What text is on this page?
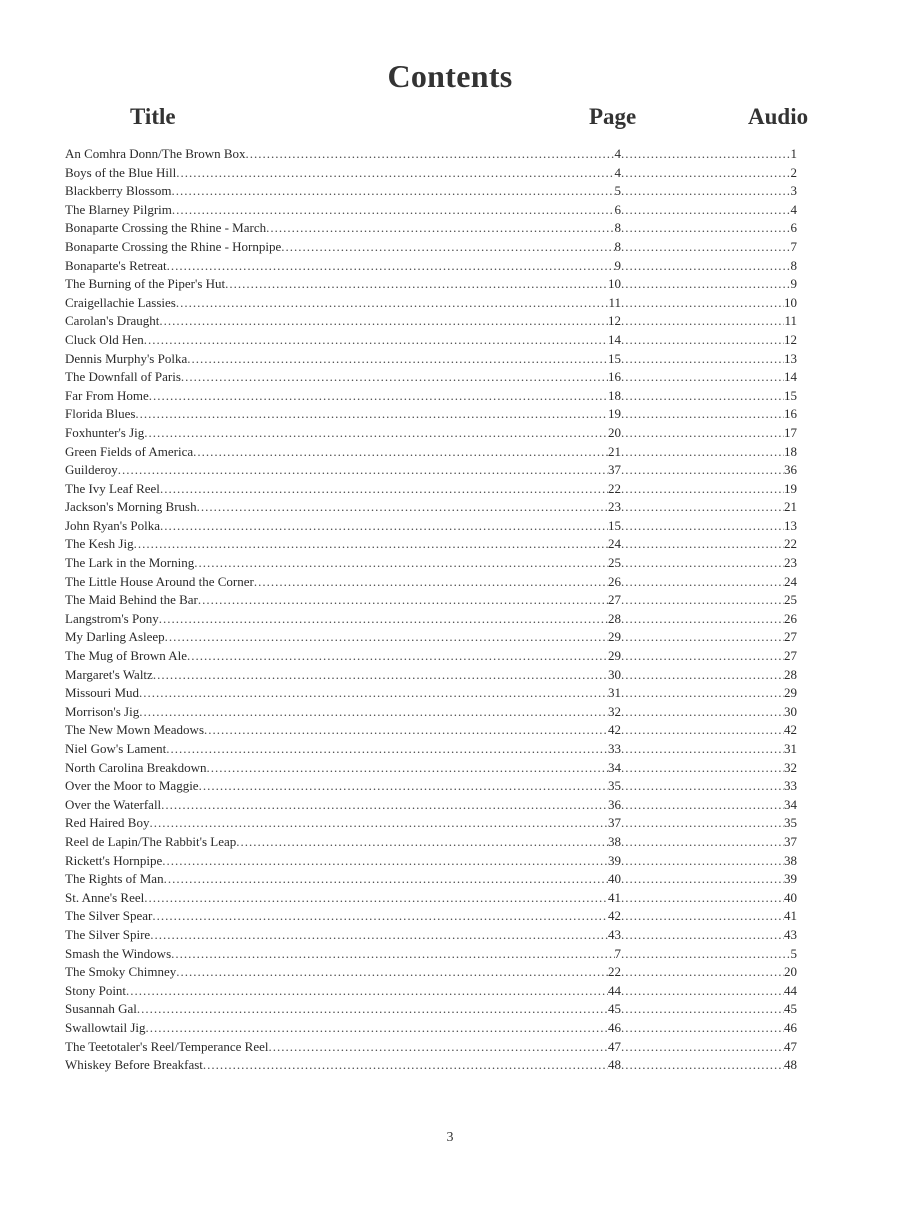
Contents
Title	Page	Audio
An Comhra Donn/The Brown Box .....	4 .....	1
Boys of the Blue Hill .....	4 .....	2
Blackberry Blossom .....	5 .....	3
The Blarney Pilgrim .....	6 .....	4
Bonaparte Crossing the Rhine - March .....	8 .....	6
Bonaparte Crossing the Rhine - Hornpipe .....	8 .....	7
Bonaparte's Retreat .....	9 .....	8
The Burning of the Piper's Hut .....	10 .....	9
Craigellachie Lassies .....	11 .....	10
Carolan's Draught .....	12 .....	11
Cluck Old Hen .....	14 .....	12
Dennis Murphy's Polka .....	15 .....	13
The Downfall of Paris .....	16 .....	14
Far From Home .....	18 .....	15
Florida Blues .....	19 .....	16
Foxhunter's Jig .....	20 .....	17
Green Fields of America .....	21 .....	18
Guilderoy .....	37 .....	36
The Ivy Leaf Reel .....	22 .....	19
Jackson's Morning Brush .....	23 .....	21
John Ryan's Polka .....	15 .....	13
The Kesh Jig .....	24 .....	22
The Lark in the Morning .....	25 .....	23
The Little House Around the Corner .....	26 .....	24
The Maid Behind the Bar .....	27 .....	25
Langstrom's Pony .....	28 .....	26
My Darling Asleep .....	29 .....	27
The Mug of Brown Ale .....	29 .....	27
Margaret's Waltz .....	30 .....	28
Missouri Mud .....	31 .....	29
Morrison's Jig .....	32 .....	30
The New Mown Meadows .....	42 .....	42
Niel Gow's Lament .....	33 .....	31
North Carolina Breakdown .....	34 .....	32
Over the Moor to Maggie .....	35 .....	33
Over the Waterfall .....	36 .....	34
Red Haired Boy .....	37 .....	35
Reel de Lapin/The Rabbit's Leap .....	38 .....	37
Rickett's Hornpipe .....	39 .....	38
The Rights of Man .....	40 .....	39
St. Anne's Reel .....	41 .....	40
The Silver Spear .....	42 .....	41
The Silver Spire .....	43 .....	43
Smash the Windows .....	7 .....	5
The Smoky Chimney .....	22 .....	20
Stony Point .....	44 .....	44
Susannah Gal .....	45 .....	45
Swallowtail Jig .....	46 .....	46
The Teetotaler's Reel/Temperance Reel .....	47 .....	47
Whiskey Before Breakfast .....	48 .....	48
3
